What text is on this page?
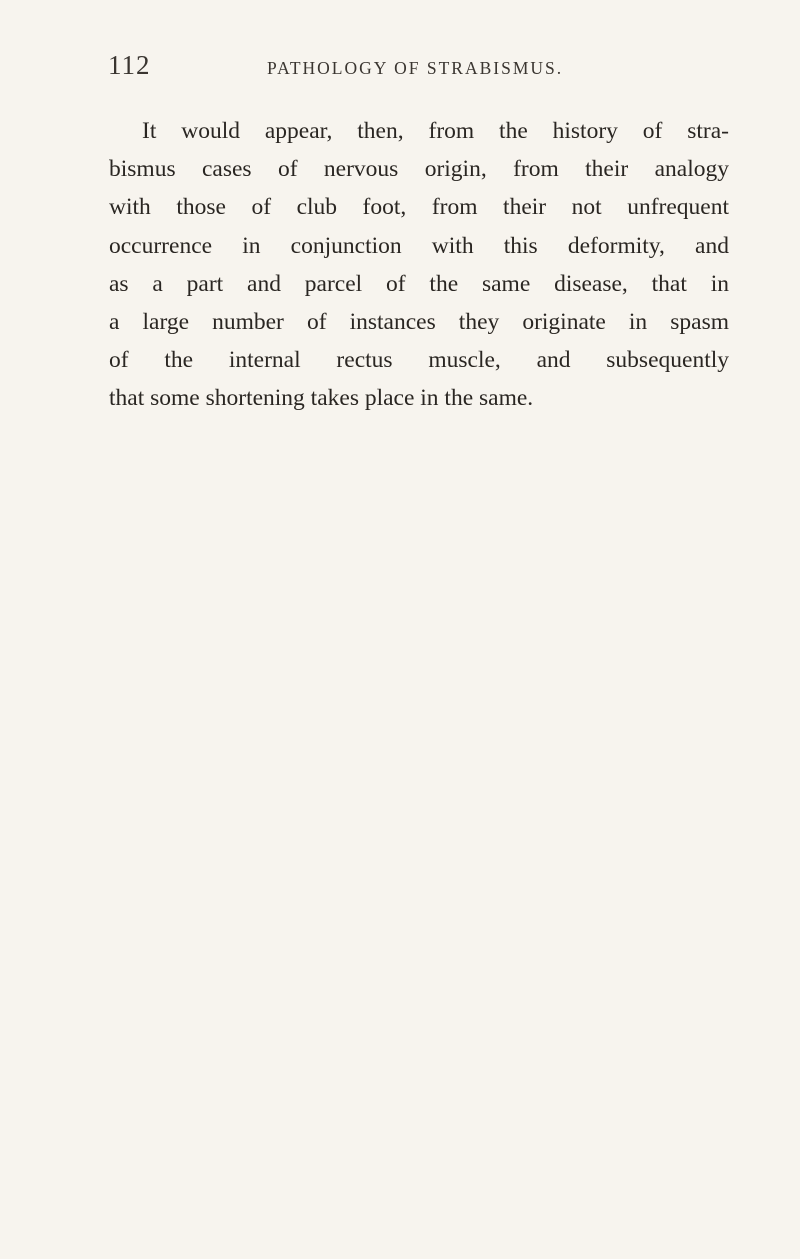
112	PATHOLOGY OF STRABISMUS.
It would appear, then, from the history of stra-
bismus cases of nervous origin, from their analogy
with those of club foot, from their not unfrequent
occurrence in conjunction with this deformity, and
as a part and parcel of the same disease, that in
a large number of instances they originate in spasm
of the internal rectus muscle, and subsequently
that some shortening takes place in the same.
